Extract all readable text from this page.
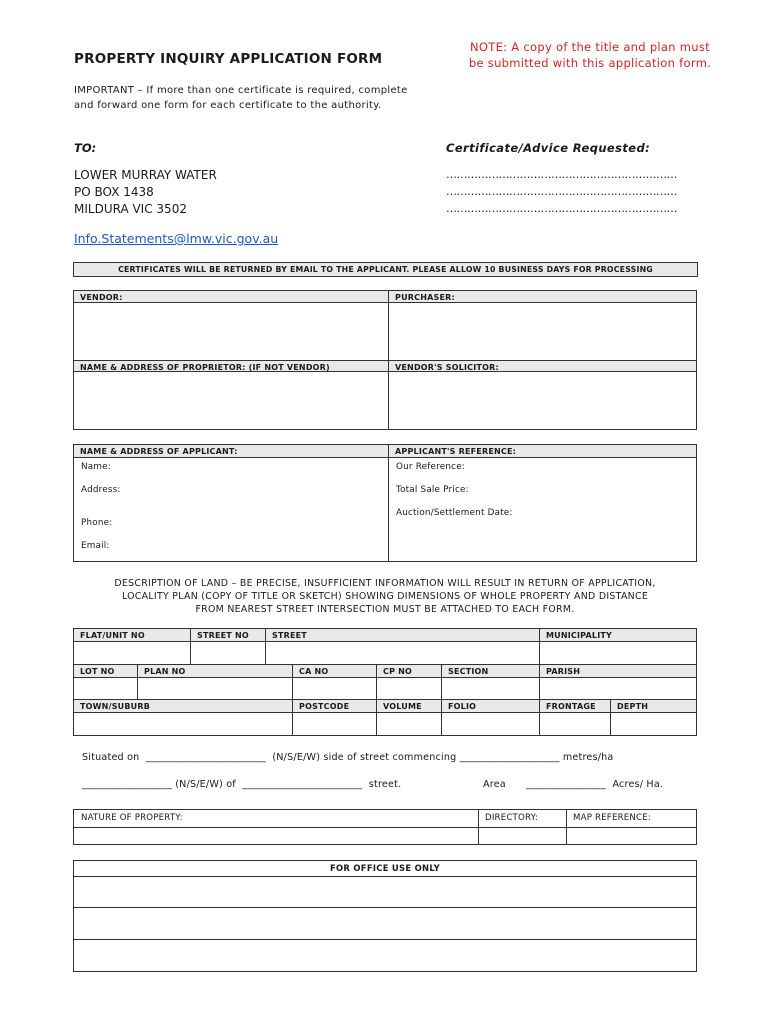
PROPERTY INQUIRY APPLICATION FORM
NOTE: A copy of the title and plan must
be submitted with this application form.
IMPORTANT – If more than one certificate is required, complete
and forward one form for each certificate to the authority.
TO:	Certificate/Advice Requested:
LOWER MURRAY WATER
PO BOX 1438
MILDURA VIC 3502
…………………………………………………………
…………………………………………………………
…………………………………………………………
Info.Statements@lmw.vic.gov.au
CERTIFICATES WILL BE RETURNED BY EMAIL TO THE APPLICANT. PLEASE ALLOW 10 BUSINESS DAYS FOR PROCESSING
VENDOR:	PURCHASER:
NAME & ADDRESS OF PROPRIETOR: (IF NOT VENDOR)	VENDOR'S SOLICITOR:
NAME & ADDRESS OF APPLICANT:	APPLICANT'S REFERENCE:
Name:
Address:
Phone:
Email:
Our Reference:
Total Sale Price:
Auction/Settlement Date:
DESCRIPTION OF LAND – BE PRECISE, INSUFFICIENT INFORMATION WILL RESULT IN RETURN OF APPLICATION,
LOCALITY PLAN (COPY OF TITLE OR SKETCH) SHOWING DIMENSIONS OF WHOLE PROPERTY AND DISTANCE
FROM NEAREST STREET INTERSECTION MUST BE ATTACHED TO EACH FORM.
FLAT/UNIT NO	STREET NO	STREET	MUNICIPALITY
LOT NO	PLAN NO	CA NO	CP NO	SECTION	PARISH
TOWN/SUBURB	POSTCODE	VOLUME	FOLIO	FRONTAGE	DEPTH
Situated on  ________________________  (N/S/E/W) side of street commencing ____________________ metres/ha
__________________ (N/S/E/W) of  ________________________  street.	Area ________________  Acres/ Ha.
NATURE OF PROPERTY:	DIRECTORY:	MAP REFERENCE:
FOR OFFICE USE ONLY
